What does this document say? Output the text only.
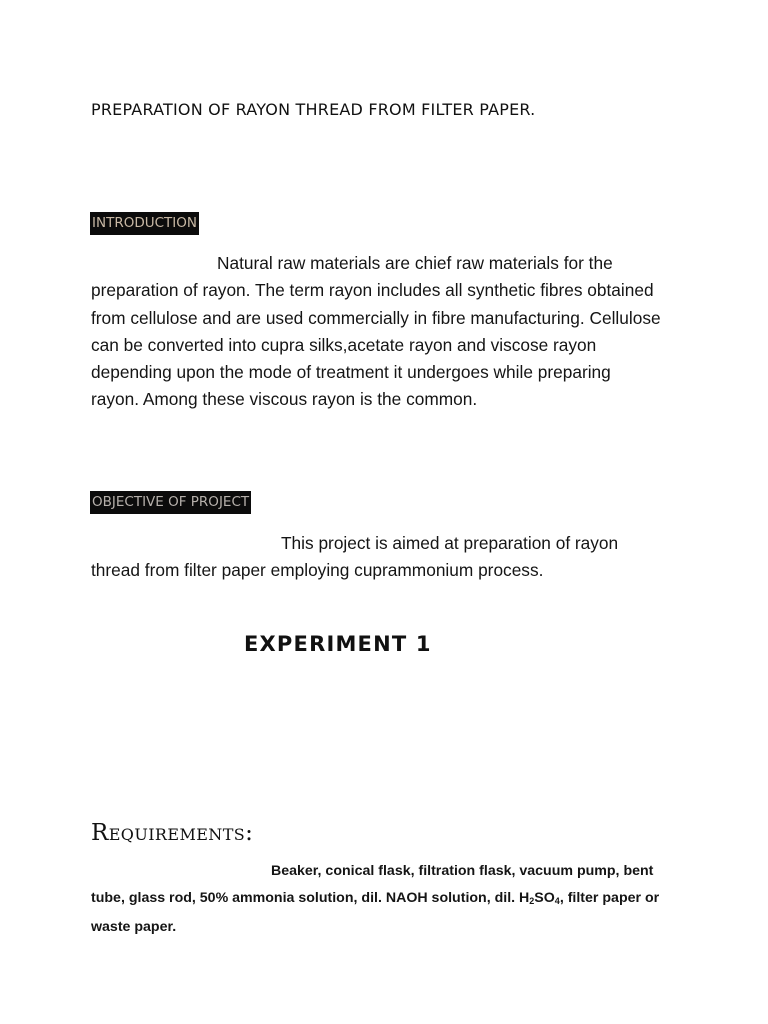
PREPARATION OF RAYON THREAD FROM FILTER PAPER.
INTRODUCTION
Natural raw materials are chief raw materials for the preparation of rayon. The term rayon includes all synthetic fibres obtained from cellulose and are used commercially in fibre manufacturing. Cellulose can be converted into cupra silks,acetate rayon and viscose rayon depending upon the mode of treatment it undergoes while preparing rayon. Among these viscous rayon is the common.
OBJECTIVE OF PROJECT
This project is aimed at preparation of rayon thread from filter paper employing cuprammonium process.
EXPERIMENT 1
Requirements:
Beaker, conical flask, filtration flask, vacuum pump, bent tube, glass rod, 50% ammonia solution, dil. NAOH solution, dil. $H_2SO_4$, filter paper or waste paper.
